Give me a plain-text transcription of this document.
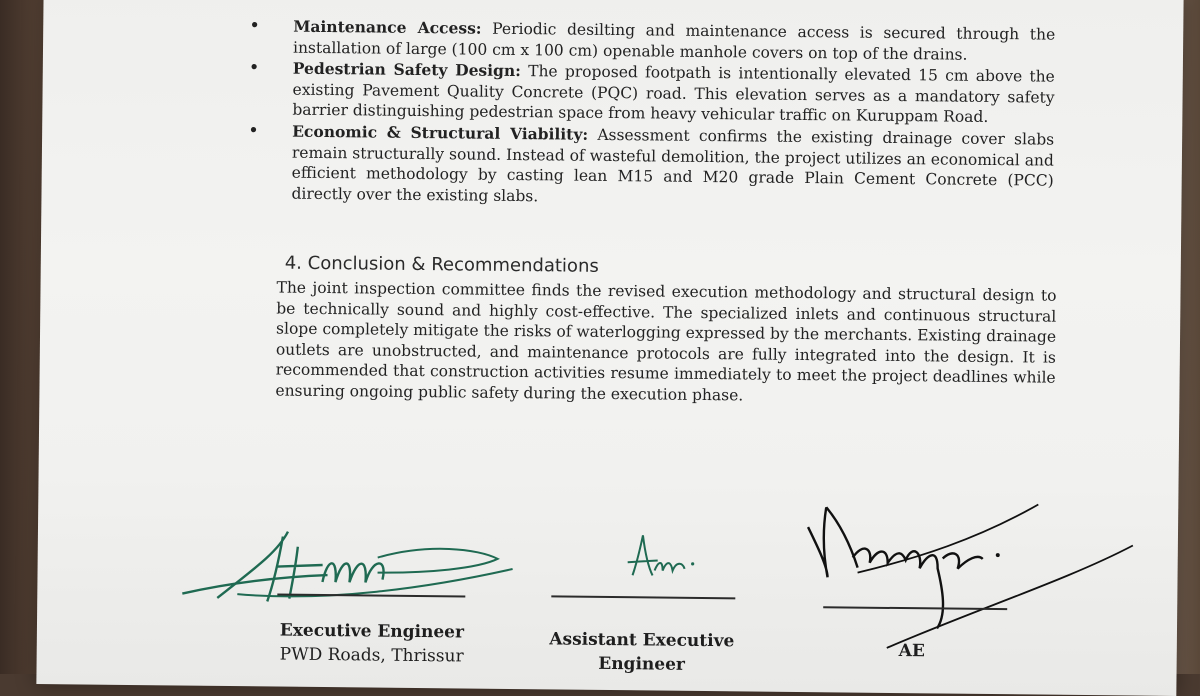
• Maintenance Access: Periodic desilting and maintenance access is secured through the installation of large (100 cm x 100 cm) openable manhole covers on top of the drains.
• Pedestrian Safety Design: The proposed footpath is intentionally elevated 15 cm above the existing Pavement Quality Concrete (PQC) road. This elevation serves as a mandatory safety barrier distinguishing pedestrian space from heavy vehicular traffic on Kuruppam Road.
• Economic & Structural Viability: Assessment confirms the existing drainage cover slabs remain structurally sound. Instead of wasteful demolition, the project utilizes an economical and efficient methodology by casting lean M15 and M20 grade Plain Cement Concrete (PCC) directly over the existing slabs.
4. Conclusion & Recommendations
The joint inspection committee finds the revised execution methodology and structural design to be technically sound and highly cost-effective. The specialized inlets and continuous structural slope completely mitigate the risks of waterlogging expressed by the merchants. Existing drainage outlets are unobstructed, and maintenance protocols are fully integrated into the design. It is recommended that construction activities resume immediately to meet the project deadlines while ensuring ongoing public safety during the execution phase.
Executive Engineer
PWD Roads, Thrissur
Assistant Executive
Engineer
AE
